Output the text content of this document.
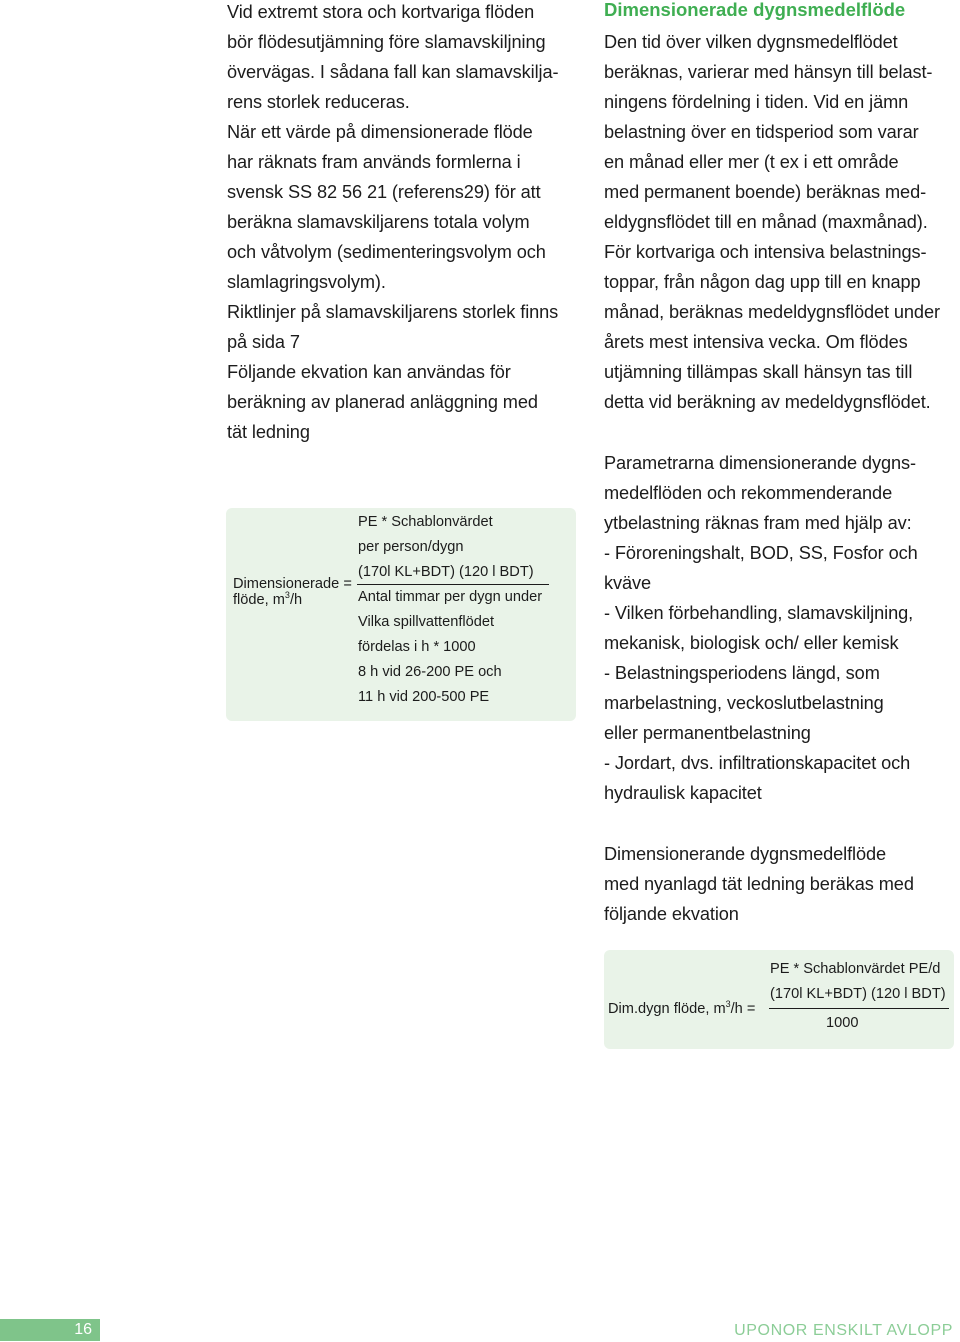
Vid extremt stora och kortvariga flöden
bör flödesutjämning före slamavskiljning
övervägas. I sådana fall kan slamavskilja-
rens storlek reduceras.

När ett värde på dimensionerade flöde
har räknats fram används formlerna i
svensk SS 82 56 21 (referens29) för att
beräkna slamavskiljarens totala volym
och våtvolym (sedimenteringsvolym och
slamlagringsvolym).

Riktlinjer på slamavskiljarens storlek finns
på sida 7

Följande ekvation kan användas för
beräkning av planerad anläggning med
tät ledning

Dimensionerade =
flöde, $m^3/h$
PE * Schablonvärdet
per person/dygn
(170l KL+BDT) (120 l BDT)
Antal timmar per dygn under
Vilka spillvattenflödet
fördelas i h * 1000
8 h vid 26-200 PE och
11 h vid 200-500 PE
Dimensionerade dygnsmedelflöde

Den tid över vilken dygnsmedelflödet
beräknas, varierar med hänsyn till belast-
ningens fördelning i tiden. Vid en jämn
belastning över en tidsperiod som varar
en månad eller mer (t ex i ett område
med permanent boende) beräknas med-
eldygnsflödet till en månad (maxmånad).
För kortvariga och intensiva belastnings-
toppar, från någon dag upp till en knapp
månad, beräknas medeldygnsflödet under
årets mest intensiva vecka. Om flödes
utjämning tillämpas skall hänsyn tas till
detta vid beräkning av medeldygnsflödet.

Parametrarna dimensionerande dygns-
medelflöden och rekommenderande
ytbelastning räknas fram med hjälp av:
- Föroreningshalt, BOD, SS, Fosfor och
kväve
- Vilken förbehandling, slamavskiljning,
mekanisk, biologisk och/ eller kemisk
- Belastningsperiodens längd, som
marbelastning, veckoslutbelastning
eller permanentbelastning
- Jordart, dvs. infiltrationskapacitet och
hydraulisk kapacitet

Dimensionerande dygnsmedelflöde
med nyanlagd tät ledning beräkas med
följande ekvation

Dim.dygn flöde, $m^3/h$ =
PE * Schablonvärdet PE/d
(170l KL+BDT) (120 l BDT)
1000
16	UPONOR ENSKILT AVLOPP
